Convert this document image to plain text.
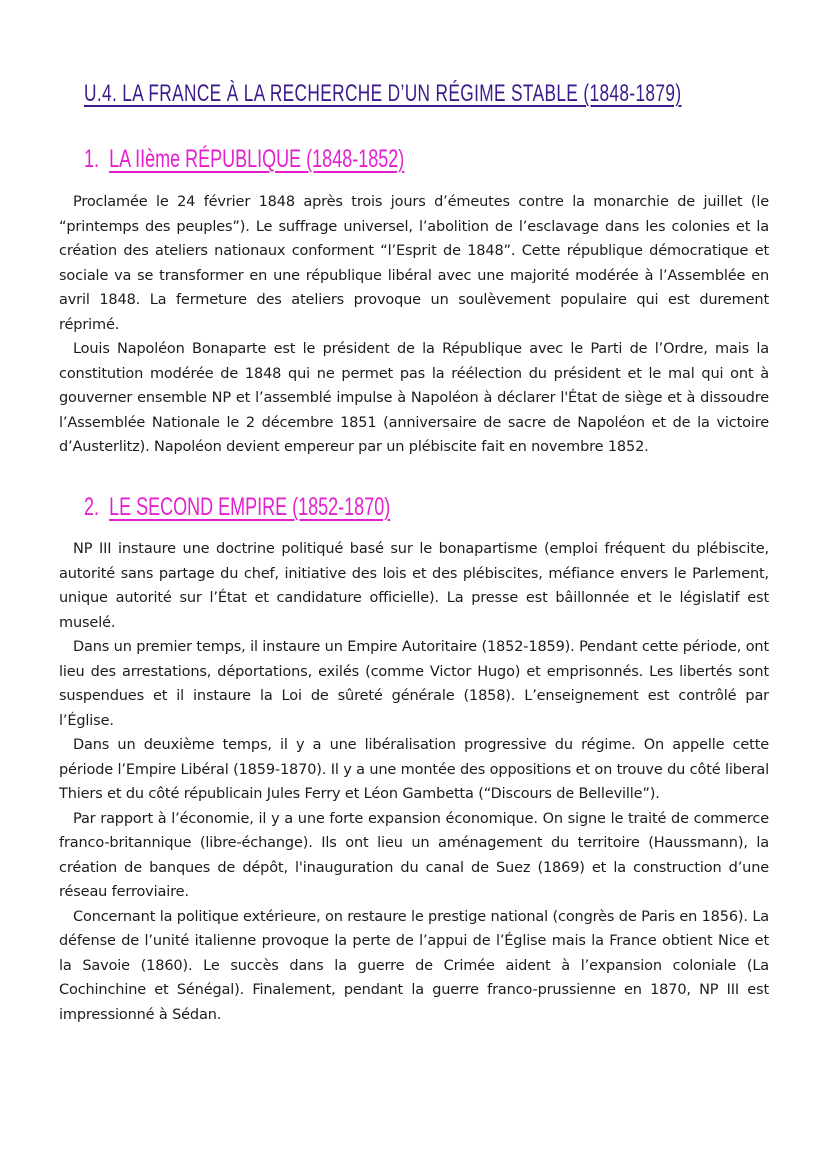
U.4. LA FRANCE À LA RECHERCHE D’UN RÉGIME STABLE (1848-1879)
1. LA IIème RÉPUBLIQUE (1848-1852)

Proclamée le 24 février 1848 après trois jours d’émeutes contre la monarchie de juillet (le “printemps des peuples”). Le suffrage universel, l’abolition de l’esclavage dans les colonies et la création des ateliers nationaux conforment “l’Esprit de 1848”. Cette république démocratique et sociale va se transformer en une république libéral avec une majorité modérée à l’Assemblée en avril 1848. La fermeture des ateliers provoque un soulèvement populaire qui est durement réprimé.

Louis Napoléon Bonaparte est le président de la République avec le Parti de l’Ordre, mais la constitution modérée de 1848 qui ne permet pas la réélection du président et le mal qui ont à gouverner ensemble NP et l’assemblé impulse à Napoléon à déclarer l'État de siège et à dissoudre l’Assemblée Nationale le 2 décembre 1851 (anniversaire de sacre de Napoléon et de la victoire d’Austerlitz). Napoléon devient empereur par un plébiscite fait en novembre 1852.

2. LE SECOND EMPIRE (1852-1870)

NP III instaure une doctrine politiqué basé sur le bonapartisme (emploi fréquent du plébiscite, autorité sans partage du chef, initiative des lois et des plébiscites, méfiance envers le Parlement, unique autorité sur l’État et candidature officielle). La presse est bâillonnée et le législatif est muselé.

Dans un premier temps, il instaure un Empire Autoritaire (1852-1859). Pendant cette période, ont lieu des arrestations, déportations, exilés (comme Victor Hugo) et emprisonnés. Les libertés sont suspendues et il instaure la Loi de sûreté générale (1858). L’enseignement est contrôlé par l’Église.

Dans un deuxième temps, il y a une libéralisation progressive du régime. On appelle cette période l’Empire Libéral (1859-1870). Il y a une montée des oppositions et on trouve du côté liberal Thiers et du côté républicain Jules Ferry et Léon Gambetta (“Discours de Belleville”).

Par rapport à l’économie, il y a une forte expansion économique. On signe le traité de commerce franco-britannique (libre-échange). Ils ont lieu un aménagement du territoire (Haussmann), la création de banques de dépôt, l'inauguration du canal de Suez (1869) et la construction d’une réseau ferroviaire.

Concernant la politique extérieure, on restaure le prestige national (congrès de Paris en 1856). La défense de l’unité italienne provoque la perte de l’appui de l’Église mais la France obtient Nice et la Savoie (1860). Le succès dans la guerre de Crimée aident à l’expansion coloniale (La Cochinchine et Sénégal). Finalement, pendant la guerre franco-prussienne en 1870, NP III est impressionné à Sédan.
